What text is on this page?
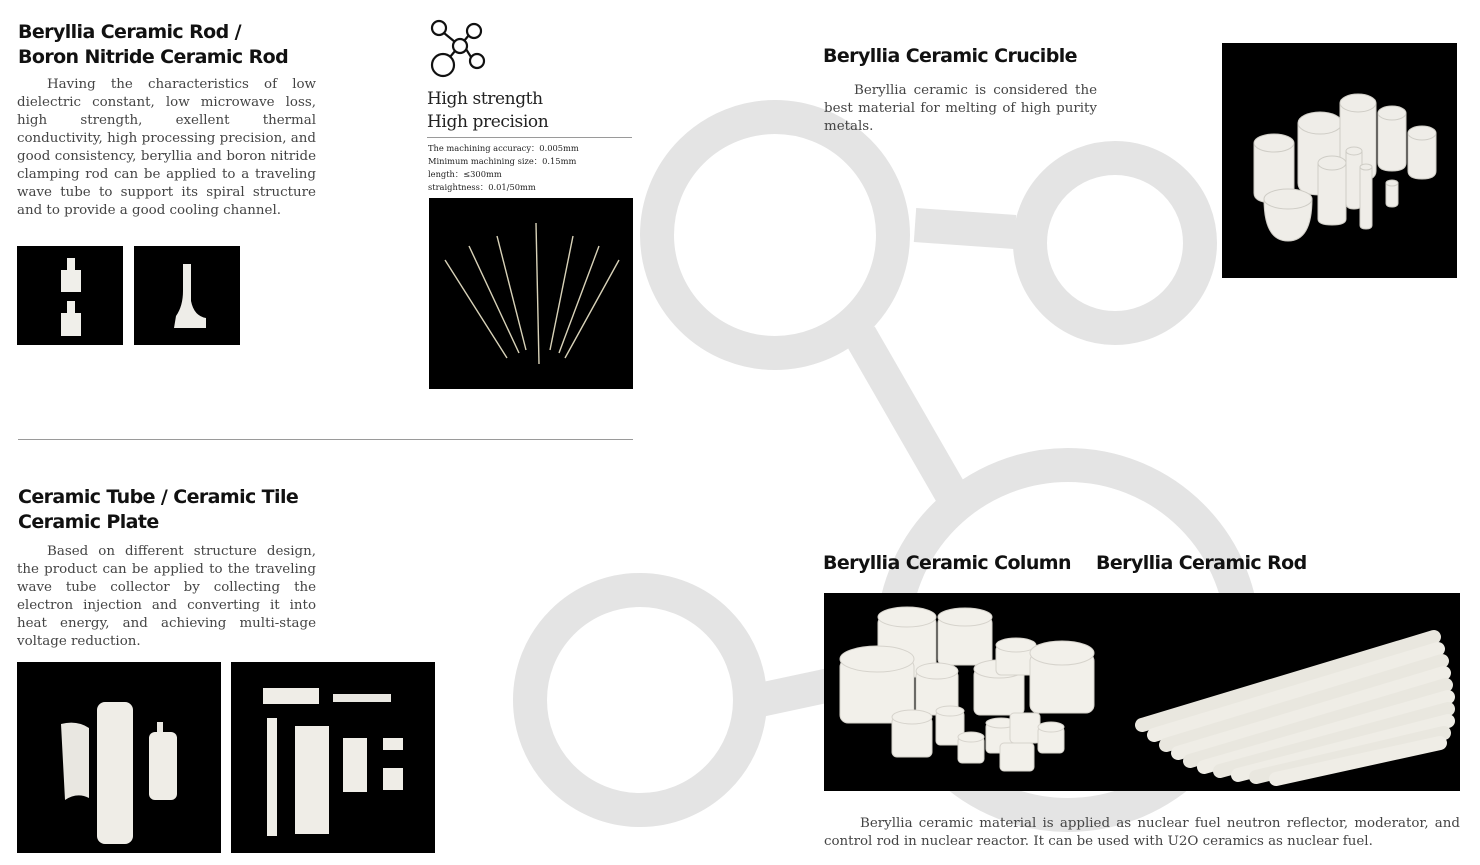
Beryllia Ceramic Rod /
Boron Nitride Ceramic Rod
Having the characteristics of low dielectric constant, low microwave loss, high strength, exellent thermal conductivity, high processing precision, and good consistency, beryllia and boron nitride clamping rod can be applied to a traveling wave tube to support its spiral structure and to provide a good cooling channel.
High strength
High precision
The machining accuracy：0.005mm
Minimum machining size：0.15mm
length：≤300mm
straightness：0.01/50mm
Ceramic Tube / Ceramic Tile
Ceramic Plate
Based on different structure design, the product can be applied to the traveling wave tube collector by collecting the electron injection and converting it into heat energy, and achieving multi-stage voltage reduction.
Beryllia Ceramic Crucible
Beryllia ceramic is considered the best material for melting of high purity metals.
Beryllia Ceramic Column	Beryllia Ceramic Rod
Beryllia ceramic material is applied as nuclear fuel neutron reflector, moderator, and control rod in nuclear reactor. It can be used with U2O ceramics as nuclear fuel.
